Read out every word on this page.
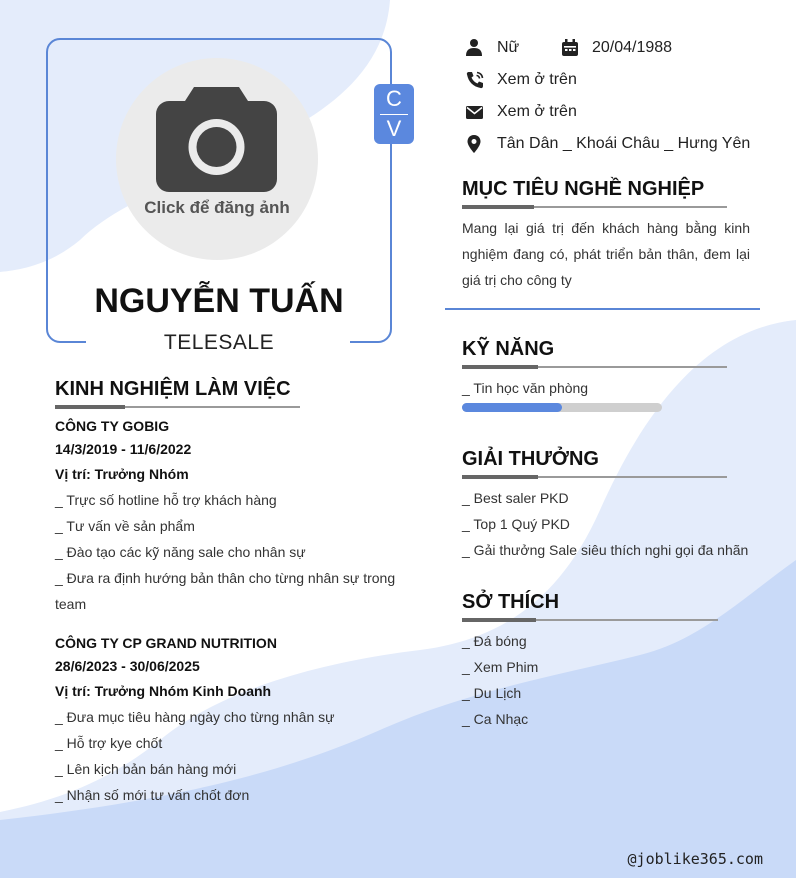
Click để đăng ảnh
C
V
NGUYỄN TUẤN
TELESALE
Nữ	20/04/1988
Xem ở trên
Xem ở trên
Tân Dân _ Khoái Châu _ Hưng Yên
MỤC TIÊU NGHỀ NGHIỆP
Mang lại giá trị đến khách hàng bằng kinh nghiệm đang có, phát triển bản thân, đem lại giá trị cho công ty
KỸ NĂNG
_ Tin học văn phòng
GIẢI THƯỞNG
_ Best saler PKD
_ Top 1 Quý PKD
_ Gải thưởng Sale siêu thích nghi gọi đa nhãn
SỞ THÍCH
_ Đá bóng
_ Xem Phim
_ Du Lịch
_ Ca Nhạc
KINH NGHIỆM LÀM VIỆC
CÔNG TY GOBIG
14/3/2019 - 11/6/2022
Vị trí: Trưởng Nhóm
_ Trực số hotline hỗ trợ khách hàng
_ Tư vấn về sản phẩm
_ Đào tạo các kỹ năng sale cho nhân sự
_ Đưa ra định hướng bản thân cho từng nhân sự trong
team
CÔNG TY CP GRAND NUTRITION
28/6/2023 - 30/06/2025
Vị trí: Trưởng Nhóm Kinh Doanh
_ Đưa mục tiêu hàng ngày cho từng nhân sự
_ Hỗ trợ kye chốt
_ Lên kịch bản bán hàng mới
_ Nhận số mới tư vấn chốt đơn
@joblike365.com
